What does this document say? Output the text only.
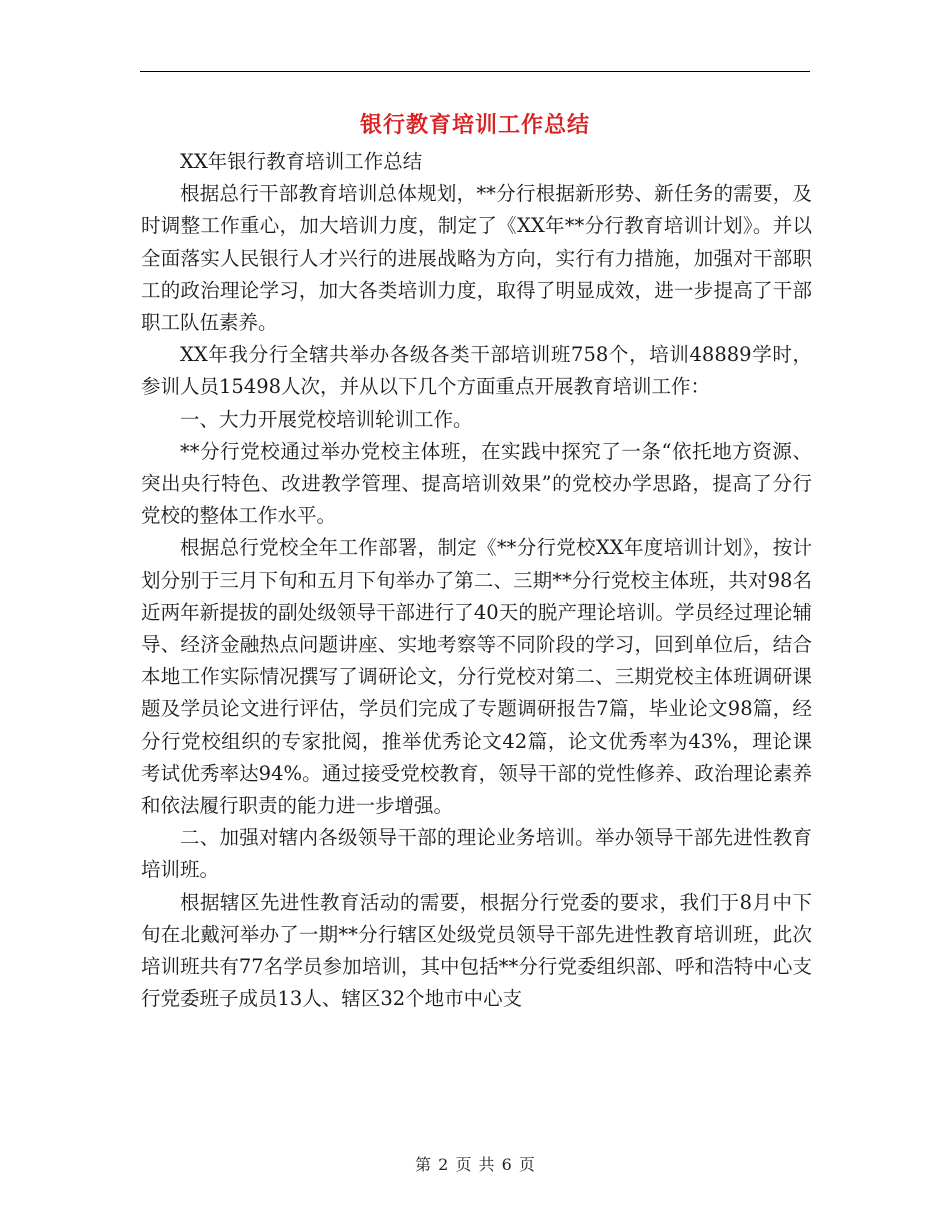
银行教育培训工作总结

XX年银行教育培训工作总结

根据总行干部教育培训总体规划，**分行根据新形势、新任务的需要，及时调整工作重心，加大培训力度，制定了《XX年**分行教育培训计划》。并以全面落实人民银行人才兴行的进展战略为方向，实行有力措施，加强对干部职工的政治理论学习，加大各类培训力度，取得了明显成效，进一步提高了干部职工队伍素养。

XX年我分行全辖共举办各级各类干部培训班758个，培训48889学时，参训人员15498人次，并从以下几个方面重点开展教育培训工作：

一、大力开展党校培训轮训工作。

**分行党校通过举办党校主体班，在实践中探究了一条“依托地方资源、突出央行特色、改进教学管理、提高培训效果”的党校办学思路，提高了分行党校的整体工作水平。

根据总行党校全年工作部署，制定《**分行党校XX年度培训计划》，按计划分别于三月下旬和五月下旬举办了第二、三期**分行党校主体班，共对98名近两年新提拔的副处级领导干部进行了40天的脱产理论培训。学员经过理论辅导、经济金融热点问题讲座、实地考察等不同阶段的学习，回到单位后，结合本地工作实际情况撰写了调研论文，分行党校对第二、三期党校主体班调研课题及学员论文进行评估，学员们完成了专题调研报告7篇，毕业论文98篇，经分行党校组织的专家批阅，推举优秀论文42篇，论文优秀率为43%，理论课考试优秀率达94%。通过接受党校教育，领导干部的党性修养、政治理论素养和依法履行职责的能力进一步增强。

二、加强对辖内各级领导干部的理论业务培训。举办领导干部先进性教育培训班。

根据辖区先进性教育活动的需要，根据分行党委的要求，我们于8月中下旬在北戴河举办了一期**分行辖区处级党员领导干部先进性教育培训班，此次培训班共有77名学员参加培训，其中包括**分行党委组织部、呼和浩特中心支行党委班子成员13人、辖区32个地市中心支

第 2 页 共 6 页
